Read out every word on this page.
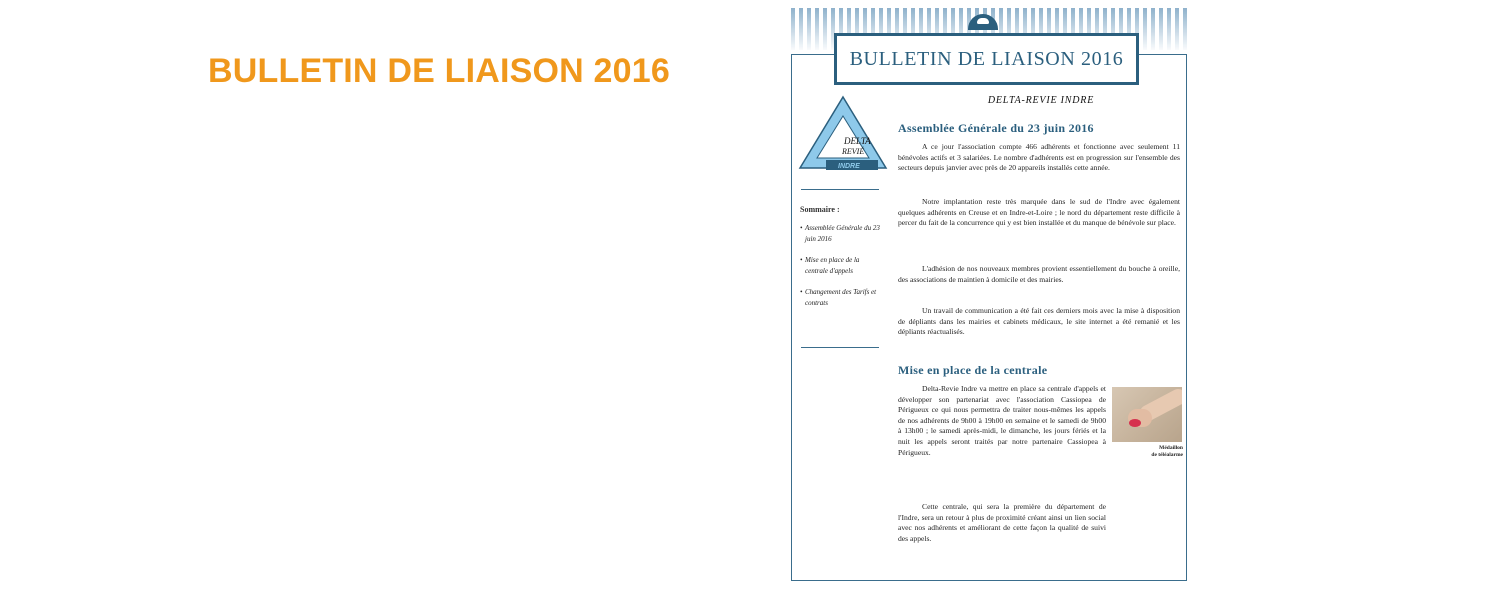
BULLETIN DE LIAISON 2016	BULLETIN DE LIAISON 2016
DELTA-REVIE INDRE
DELTA
REVIÉ
INDRE
Sommaire :
• Assemblée Générale du 23 juin 2016
• Mise en place de la centrale d'appels
• Changement des Tarifs et contrats
Assemblée Générale du 23 juin 2016

A ce jour l'association compte 466 adhérents et fonctionne avec seulement 11 bénévoles actifs et 3 salariées. Le nombre d'adhérents est en progression sur l'ensemble des secteurs depuis janvier avec près de 20 appareils installés cette année.

Notre implantation reste très marquée dans le sud de l'Indre avec également quelques adhérents en Creuse et en Indre-et-Loire ; le nord du département reste difficile à percer du fait de la concurrence qui y est bien installée et du manque de bénévole sur place.

L'adhésion de nos nouveaux membres provient essentiellement du bouche à oreille, des associations de maintien à domicile et des mairies.

Un travail de communication a été fait ces derniers mois avec la mise à disposition de dépliants dans les mairies et cabinets médicaux, le site internet a été remanié et les dépliants réactualisés.

Mise en place de la centrale

Delta-Revie Indre va mettre en place sa centrale d'appels et développer son partenariat avec l'association Cassiopea de Périgueux ce qui nous permettra de traiter nous-mêmes les appels de nos adhérents de 9h00 à 19h00 en semaine et le samedi de 9h00 à 13h00 ; le samedi après-midi, le dimanche, les jours fériés et la nuit les appels seront traités par notre partenaire Cassiopea à Périgueux.

Cette centrale, qui sera la première du département de l'Indre, sera un retour à plus de proximité créant ainsi un lien social avec nos adhérents et améliorant de cette façon la qualité de suivi des appels.

Médaillon
de téléalarme
